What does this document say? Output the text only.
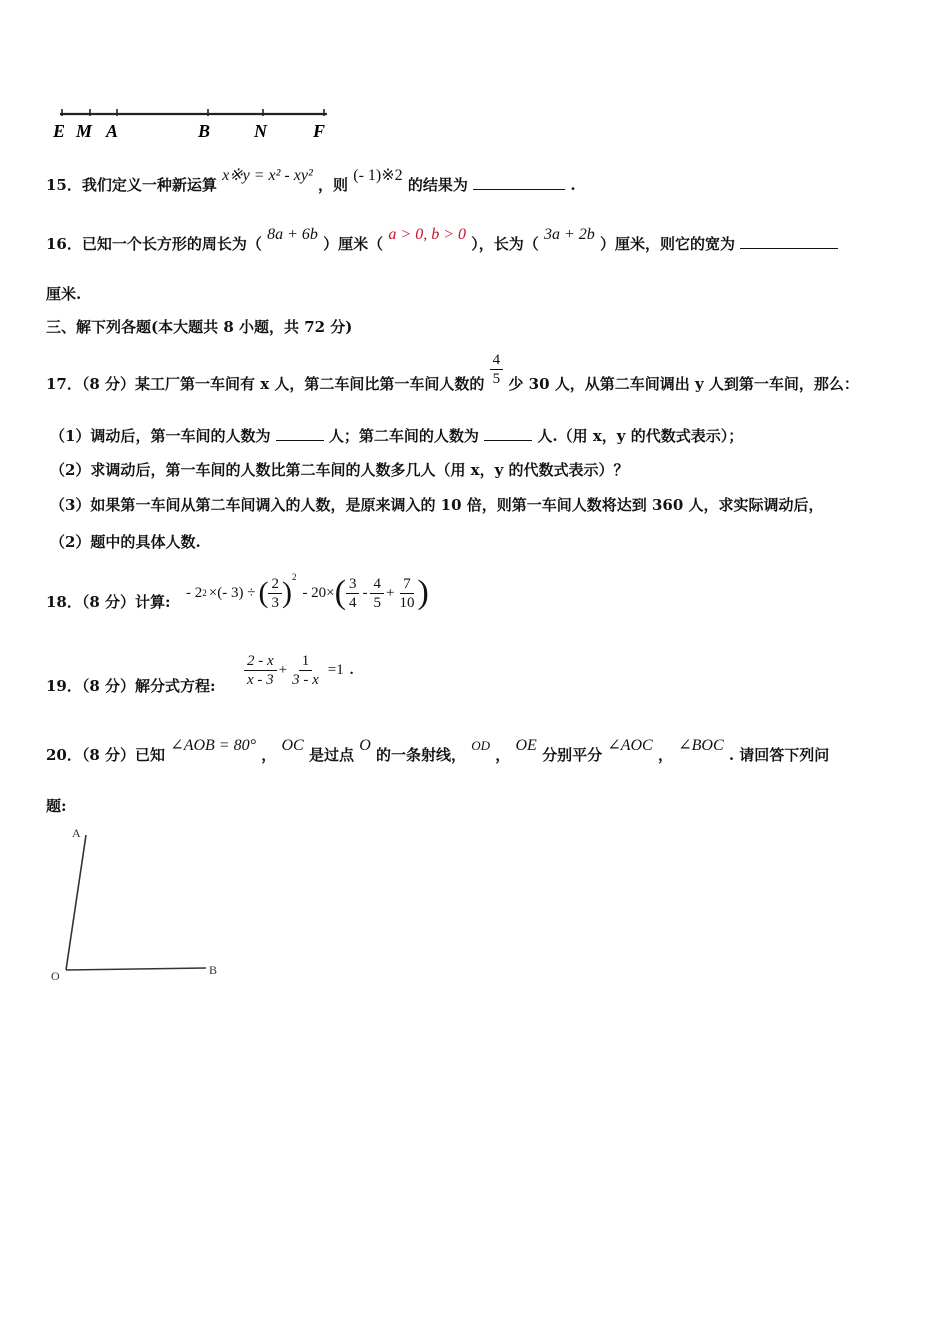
E M A	B N	F
15．我们定义一种新运算 x※y = x² - xy² ，则 (- 1)※2 的结果为	.
16．已知一个长方形的周长为（ 8a + 6b ）厘米（ a > 0, b > 0 ），长为（ 3a + 2b ）厘米，则它的宽为
厘米.
三、解下列各题(本大题共 8 小题，共 72 分)
17．（8 分）某工厂第一车间有 x 人，第二车间比第一车间人数的 $\frac{4}{5}$ 少 30 人，从第二车间调出 y 人到第一车间，那么：
（1）调动后，第一车间的人数为	人；第二车间的人数为	人.（用 x，y 的代数式表示）；
（2）求调动后，第一车间的人数比第二车间的人数多几人（用 x，y 的代数式表示）？
（3）如果第一车间从第二车间调入的人数，是原来调入的 10 倍，则第一车间人数将达到 360 人，求实际调动后，
（2）题中的具体人数.
18．（8 分）计算:
- 2 2 ×(- 3) ÷ ( $\frac{2}{3} )^2$
- 20× ( $\frac{3}{4} - \frac{4}{5} + \frac{7}{10}$ )
19．（8 分）解分式方程: $\frac{2 - x}{x - 3} + \frac{1}{3 - x} =1$ .
20．（8 分）已知 ∠AOB = 80° ， OC 是过点 O 的一条射线， OD ， OE 分别平分 ∠AOC ， ∠BOC . 请回答下列问
题:
A
O	B
